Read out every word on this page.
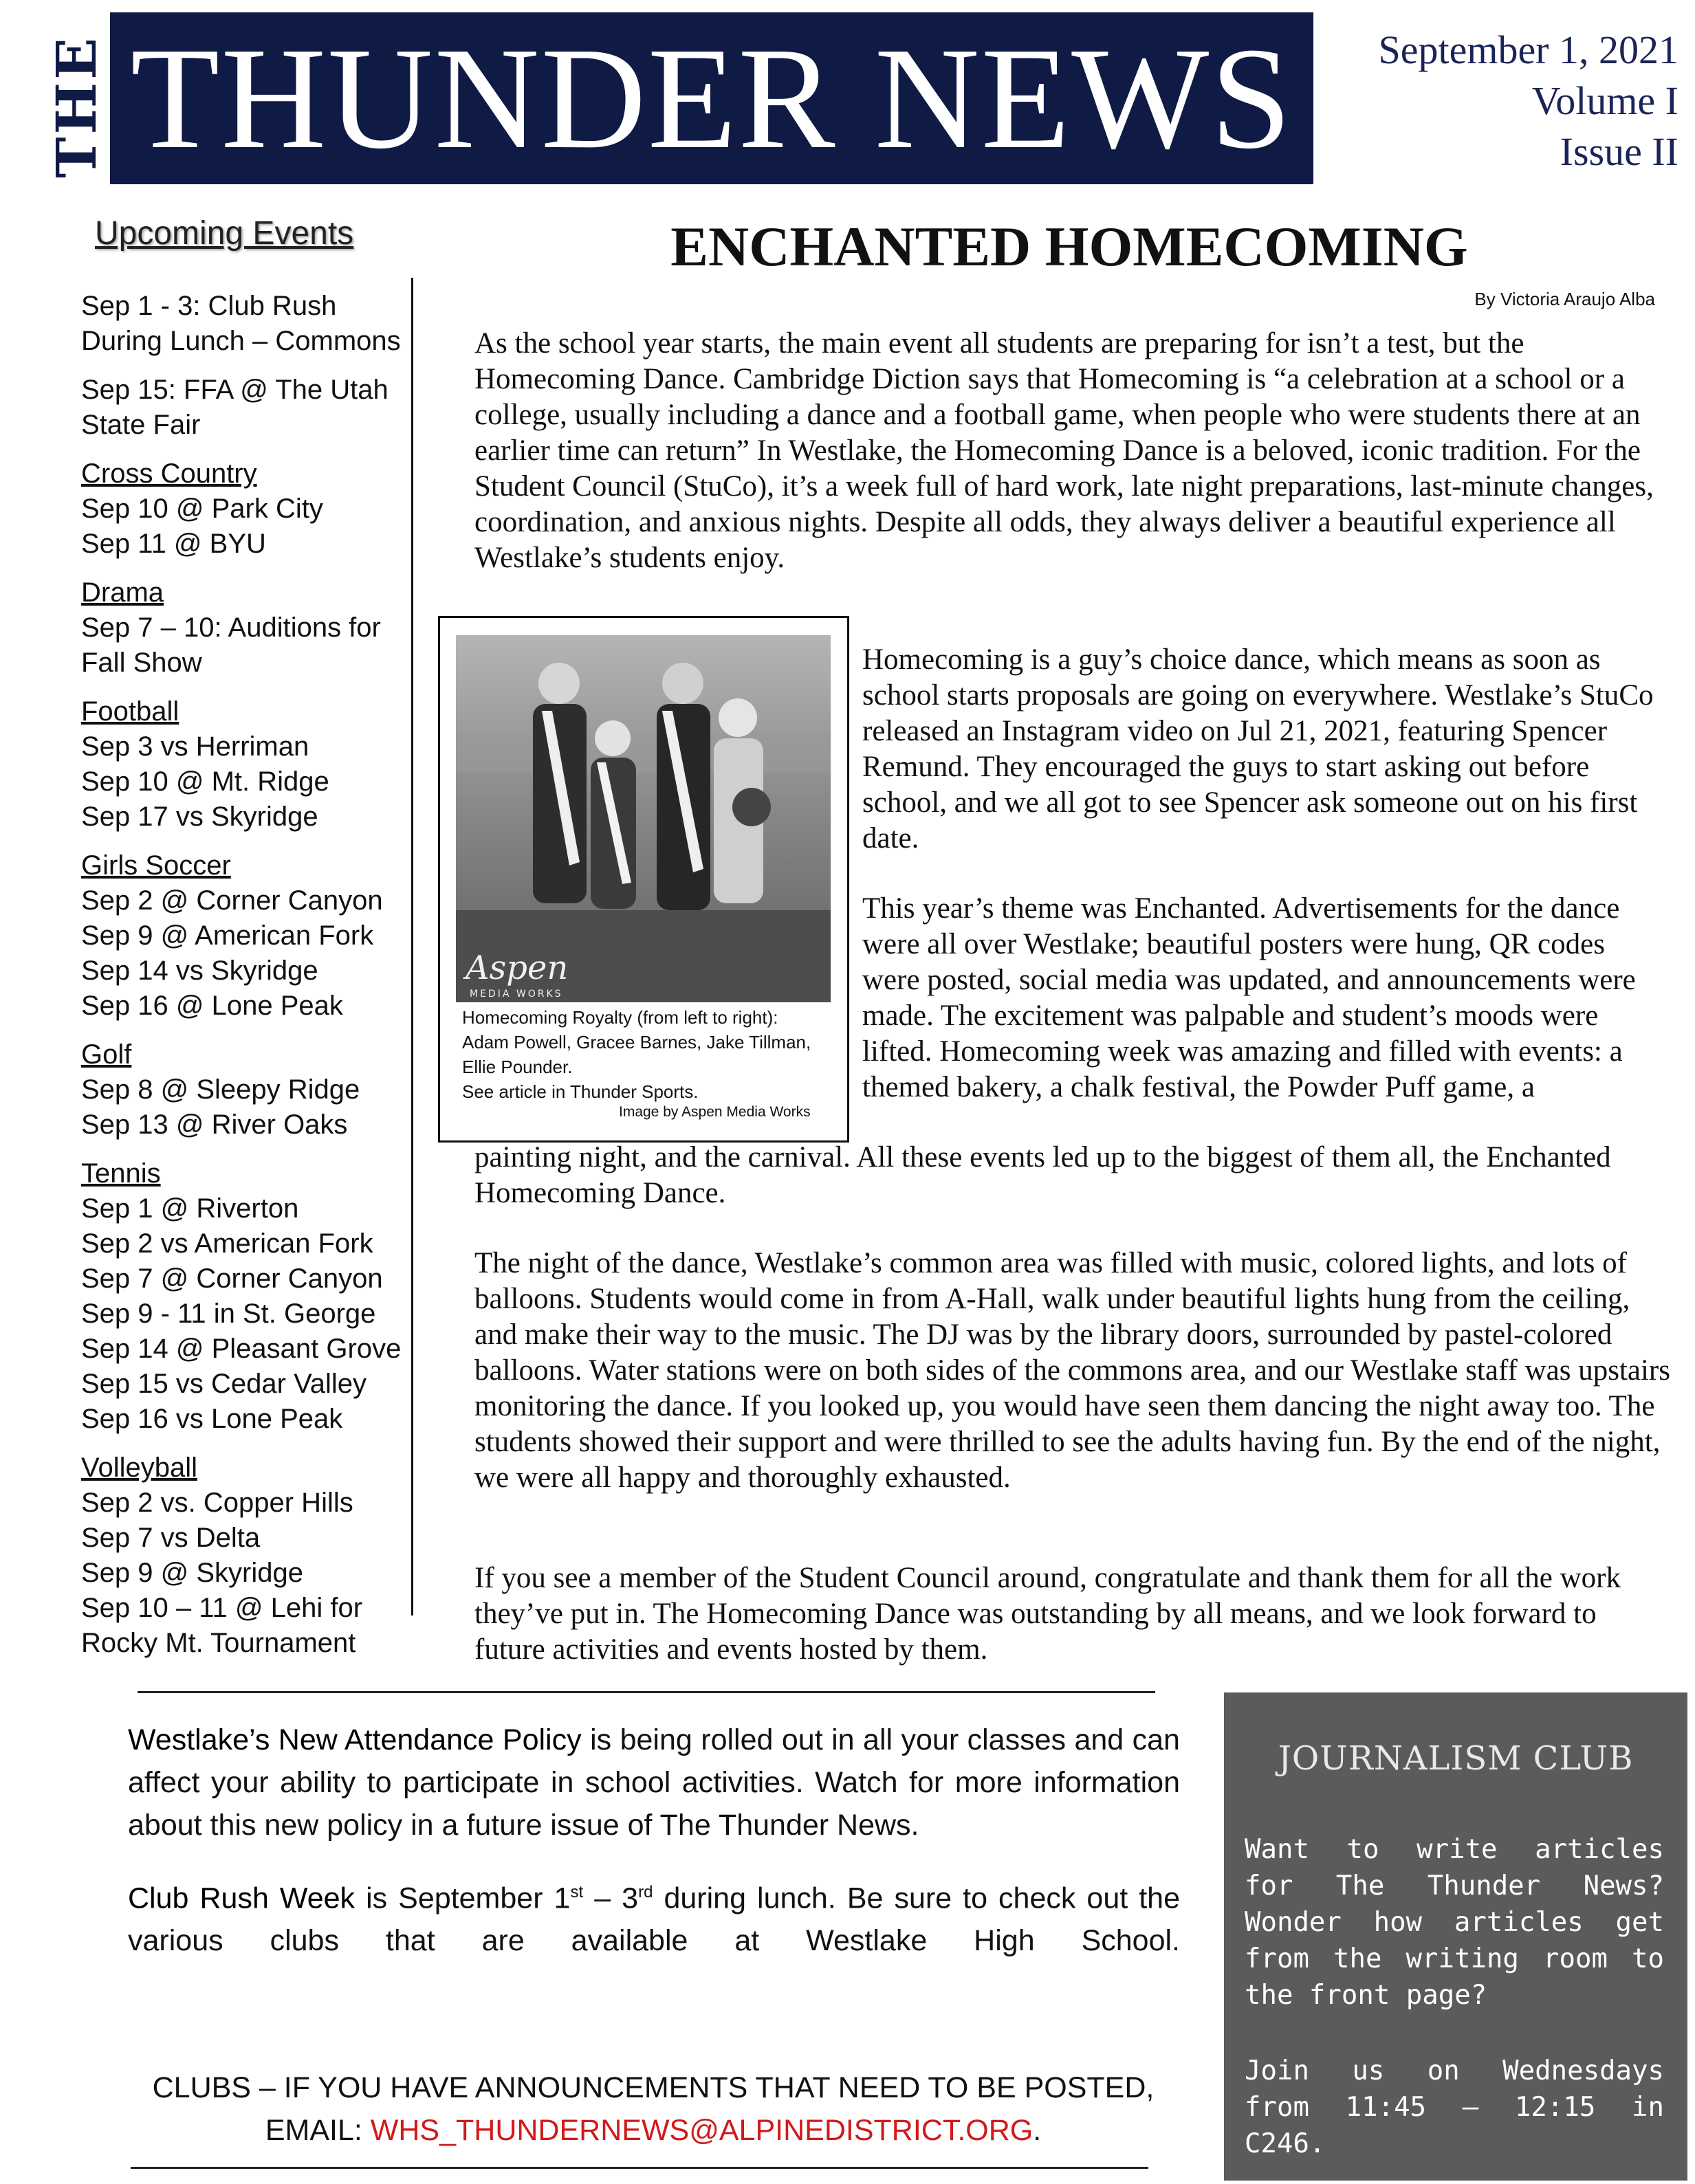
THE THUNDER NEWS	September 1, 2021
Volume I
Issue II
Upcoming Events
Sep 1 - 3: Club Rush During Lunch – Commons
Sep 15: FFA @ The Utah State Fair
Cross Country
Sep 10 @ Park City
Sep 11 @ BYU
Drama
Sep 7 – 10: Auditions for Fall Show
Football
Sep 3 vs Herriman
Sep 10 @ Mt. Ridge
Sep 17 vs Skyridge
Girls Soccer
Sep 2 @ Corner Canyon
Sep 9 @ American Fork
Sep 14 vs Skyridge
Sep 16 @ Lone Peak
Golf
Sep 8 @ Sleepy Ridge
Sep 13 @ River Oaks
Tennis
Sep 1 @ Riverton
Sep 2 vs American Fork
Sep 7 @ Corner Canyon
Sep 9 - 11 in St. George
Sep 14 @ Pleasant Grove
Sep 15 vs Cedar Valley
Sep 16 vs Lone Peak
Volleyball
Sep 2 vs. Copper Hills
Sep 7 vs Delta
Sep 9 @ Skyridge
Sep 10 – 11 @ Lehi for Rocky Mt. Tournament
ENCHANTED HOMECOMING
By Victoria Araujo Alba

As the school year starts, the main event all students are preparing for isn’t a test, but the Homecoming Dance. Cambridge Diction says that Homecoming is “a celebration at a school or a college, usually including a dance and a football game, when people who were students there at an earlier time can return” In Westlake, the Homecoming Dance is a beloved, iconic tradition. For the Student Council (StuCo), it’s a week full of hard work, late night preparations, last-minute changes, coordination, and anxious nights. Despite all odds, they always deliver a beautiful experience all Westlake’s students enjoy.

Aspen
MEDIA WORKS
Homecoming Royalty (from left to right): Adam Powell, Gracee Barnes, Jake Tillman, Ellie Pounder.
See article in Thunder Sports.
Image by Aspen Media Works

Homecoming is a guy’s choice dance, which means as soon as school starts proposals are going on everywhere. Westlake’s StuCo released an Instagram video on Jul 21, 2021, featuring Spencer Remund. They encouraged the guys to start asking out before school, and we all got to see Spencer ask someone out on his first date.

This year’s theme was Enchanted. Advertisements for the dance were all over Westlake; beautiful posters were hung, QR codes were posted, social media was updated, and announcements were made. The excitement was palpable and student’s moods were lifted. Homecoming week was amazing and filled with events: a themed bakery, a chalk festival, the Powder Puff game, a

painting night, and the carnival. All these events led up to the biggest of them all, the Enchanted Homecoming Dance.

The night of the dance, Westlake’s common area was filled with music, colored lights, and lots of balloons. Students would come in from A-Hall, walk under beautiful lights hung from the ceiling, and make their way to the music. The DJ was by the library doors, surrounded by pastel-colored balloons. Water stations were on both sides of the commons area, and our Westlake staff was upstairs monitoring the dance. If you looked up, you would have seen them dancing the night away too. The students showed their support and were thrilled to see the adults having fun. By the end of the night, we were all happy and thoroughly exhausted.

If you see a member of the Student Council around, congratulate and thank them for all the work they’ve put in. The Homecoming Dance was outstanding by all means, and we look forward to future activities and events hosted by them.

Westlake’s New Attendance Policy is being rolled out in all your classes and can affect your ability to participate in school activities. Watch for more information about this new policy in a future issue of The Thunder News.
Club Rush Week is September 1st – 3rd during lunch. Be sure to check out the various clubs that are available at Westlake High School.
CLUBS – IF YOU HAVE ANNOUNCEMENTS THAT NEED TO BE POSTED,
EMAIL: WHS_THUNDERNEWS@ALPINEDISTRICT.ORG.
JOURNALISM CLUB
Want to write articles for The Thunder News? Wonder how articles get from the writing room to the front page?
Join us on Wednesdays from 11:45 – 12:15 in C246.
